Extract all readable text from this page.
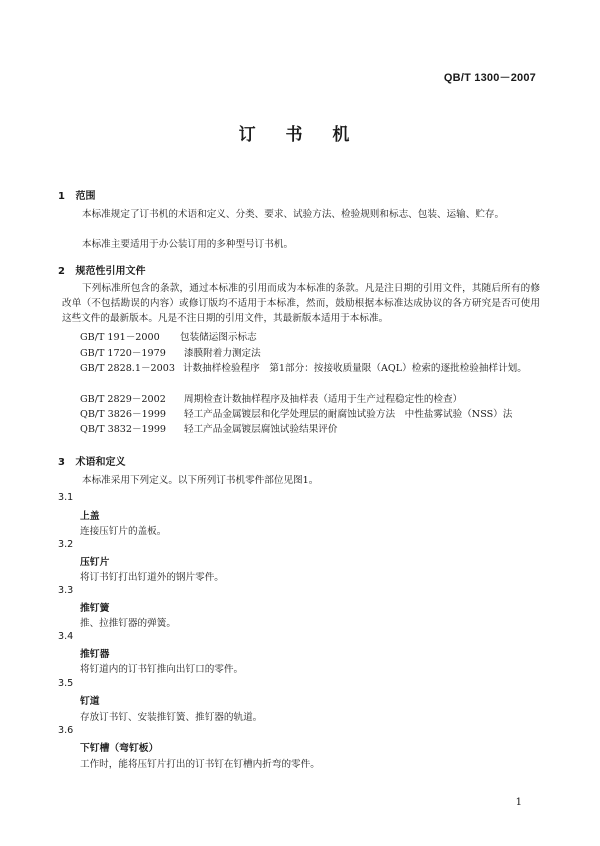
QB/T 1300－2007
订 书 机
1 范围
本标准规定了订书机的术语和定义、分类、要求、试验方法、检验规则和标志、包装、运输、贮存。
本标准主要适用于办公装订用的多种型号订书机。
2 规范性引用文件
下列标准所包含的条款，通过本标准的引用而成为本标准的条款。凡是注日期的引用文件，其随后所有的修改单（不包括勘误的内容）或修订版均不适用于本标准，然而，鼓励根据本标准达成协议的各方研究是否可使用这些文件的最新版本。凡是不注日期的引用文件，其最新版本适用于本标准。
GB/T 191－2000 包装储运图示标志
GB/T 1720－1979 漆膜附着力测定法
GB/T 2828.1－2003 计数抽样检验程序　第1部分：按接收质量限（AQL）检索的逐批检验抽样计划。
GB/T 2829－2002 周期检查计数抽样程序及抽样表（适用于生产过程稳定性的检查）
QB/T 3826－1999 轻工产品金属镀层和化学处理层的耐腐蚀试验方法　中性盐雾试验（NSS）法
QB/T 3832－1999 轻工产品金属镀层腐蚀试验结果评价
3 术语和定义
本标准采用下列定义。以下所列订书机零件部位见图1。
3.1
上盖
连接压钉片的盖板。
3.2
压钉片
将订书钉打出钉道外的钢片零件。
3.3
推钉簧
推、拉推钉器的弹簧。
3.4
推钉器
将钉道内的订书钉推向出钉口的零件。
3.5
钉道
存放订书钉、安装推钉簧、推钉器的轨道。
3.6
下钉槽（弯钉板）
工作时，能将压钉片打出的订书钉在钉槽内折弯的零件。
1
